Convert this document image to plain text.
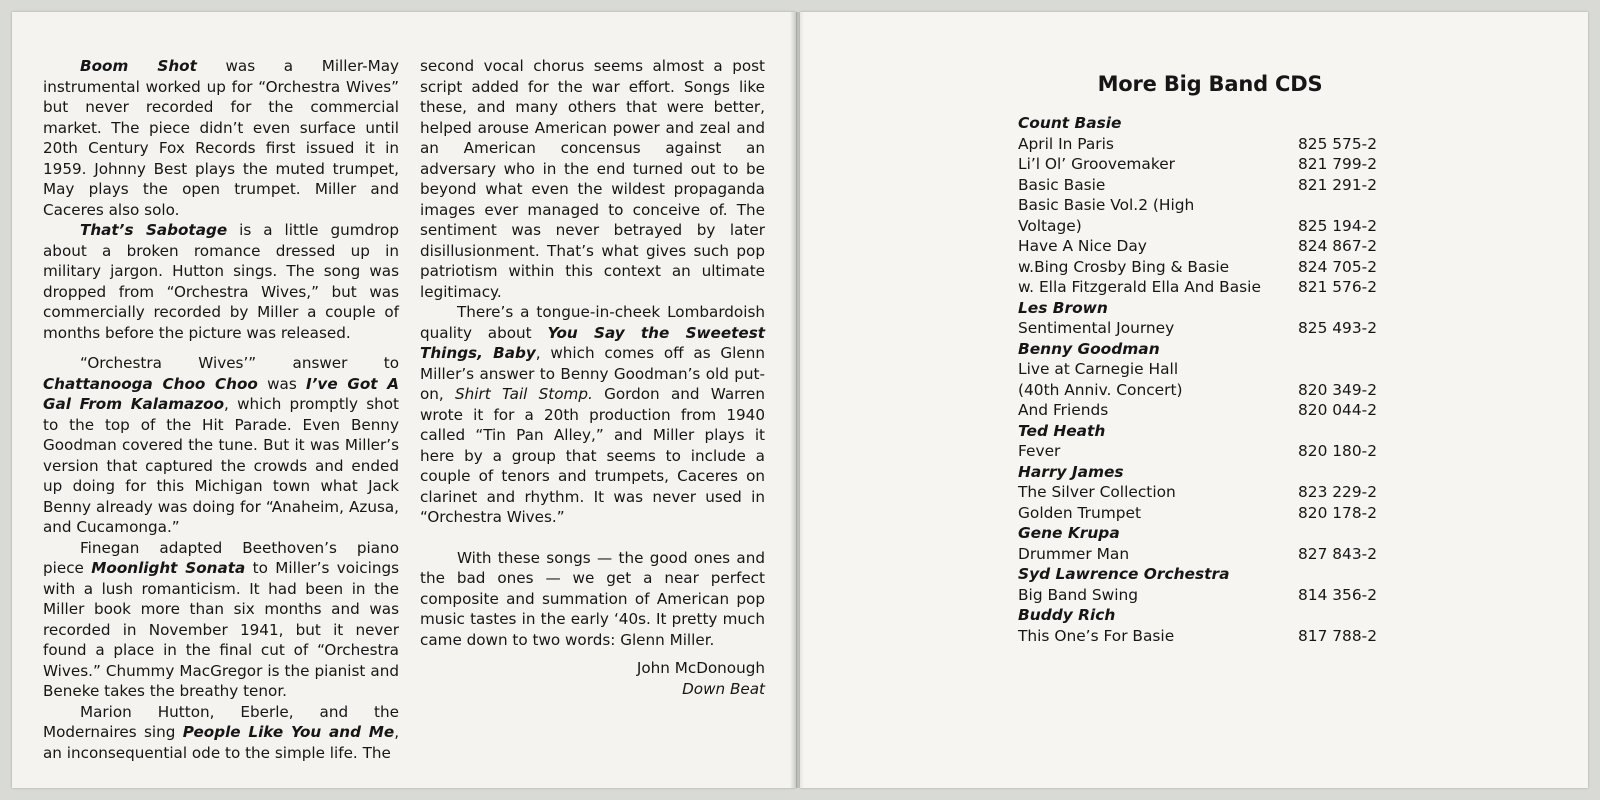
Boom Shot was a Miller-May instrumental worked up for “Orchestra Wives” but never recorded for the commercial market. The piece didn’t even surface until 20th Century Fox Records first issued it in 1959. Johnny Best plays the muted trumpet, May plays the open trumpet. Miller and Caceres also solo.

That’s Sabotage is a little gumdrop about a broken romance dressed up in military jargon. Hutton sings. The song was dropped from “Orchestra Wives,” but was commercially recorded by Miller a couple of months before the picture was released.

“Orchestra Wives’” answer to Chattanooga Choo Choo was I’ve Got A Gal From Kalamazoo, which promptly shot to the top of the Hit Parade. Even Benny Goodman covered the tune. But it was Miller’s version that captured the crowds and ended up doing for this Michigan town what Jack Benny already was doing for “Anaheim, Azusa, and Cucamonga.”

Finegan adapted Beethoven’s piano piece Moonlight Sonata to Miller’s voicings with a lush romanticism. It had been in the Miller book more than six months and was recorded in November 1941, but it never found a place in the final cut of “Orchestra Wives.” Chummy MacGregor is the pianist and Beneke takes the breathy tenor.

Marion Hutton, Eberle, and the Modernaires sing People Like You and Me, an inconsequential ode to the simple life. The

second vocal chorus seems almost a post script added for the war effort. Songs like these, and many others that were better, helped arouse American power and zeal and an American concensus against an adversary who in the end turned out to be beyond what even the wildest propaganda images ever managed to conceive of. The sentiment was never betrayed by later disillusionment. That’s what gives such pop patriotism within this context an ultimate legitimacy.

There’s a tongue-in-cheek Lombardoish quality about You Say the Sweetest Things, Baby, which comes off as Glenn Miller’s answer to Benny Goodman’s old put-on, Shirt Tail Stomp. Gordon and Warren wrote it for a 20th production from 1940 called “Tin Pan Alley,” and Miller plays it here by a group that seems to include a couple of tenors and trumpets, Caceres on clarinet and rhythm. It was never used in “Orchestra Wives.”

With these songs — the good ones and the bad ones — we get a near perfect composite and summation of American pop music tastes in the early ‘40s. It pretty much came down to two words: Glenn Miller.

John McDonough

Down Beat

More Big Band CDS
Count Basie
April In Paris	825 575-2
Li’l Ol’ Groovemaker	821 799-2
Basic Basie	821 291-2
Basic Basie Vol.2 (High
Voltage)	825 194-2
Have A Nice Day	824 867-2
w.Bing Crosby Bing & Basie	824 705-2
w. Ella Fitzgerald Ella And Basie	821 576-2
Les Brown
Sentimental Journey	825 493-2
Benny Goodman
Live at Carnegie Hall
(40th Anniv. Concert)	820 349-2
And Friends	820 044-2
Ted Heath
Fever	820 180-2
Harry James
The Silver Collection	823 229-2
Golden Trumpet	820 178-2
Gene Krupa
Drummer Man	827 843-2
Syd Lawrence Orchestra
Big Band Swing	814 356-2
Buddy Rich
This One’s For Basie	817 788-2
